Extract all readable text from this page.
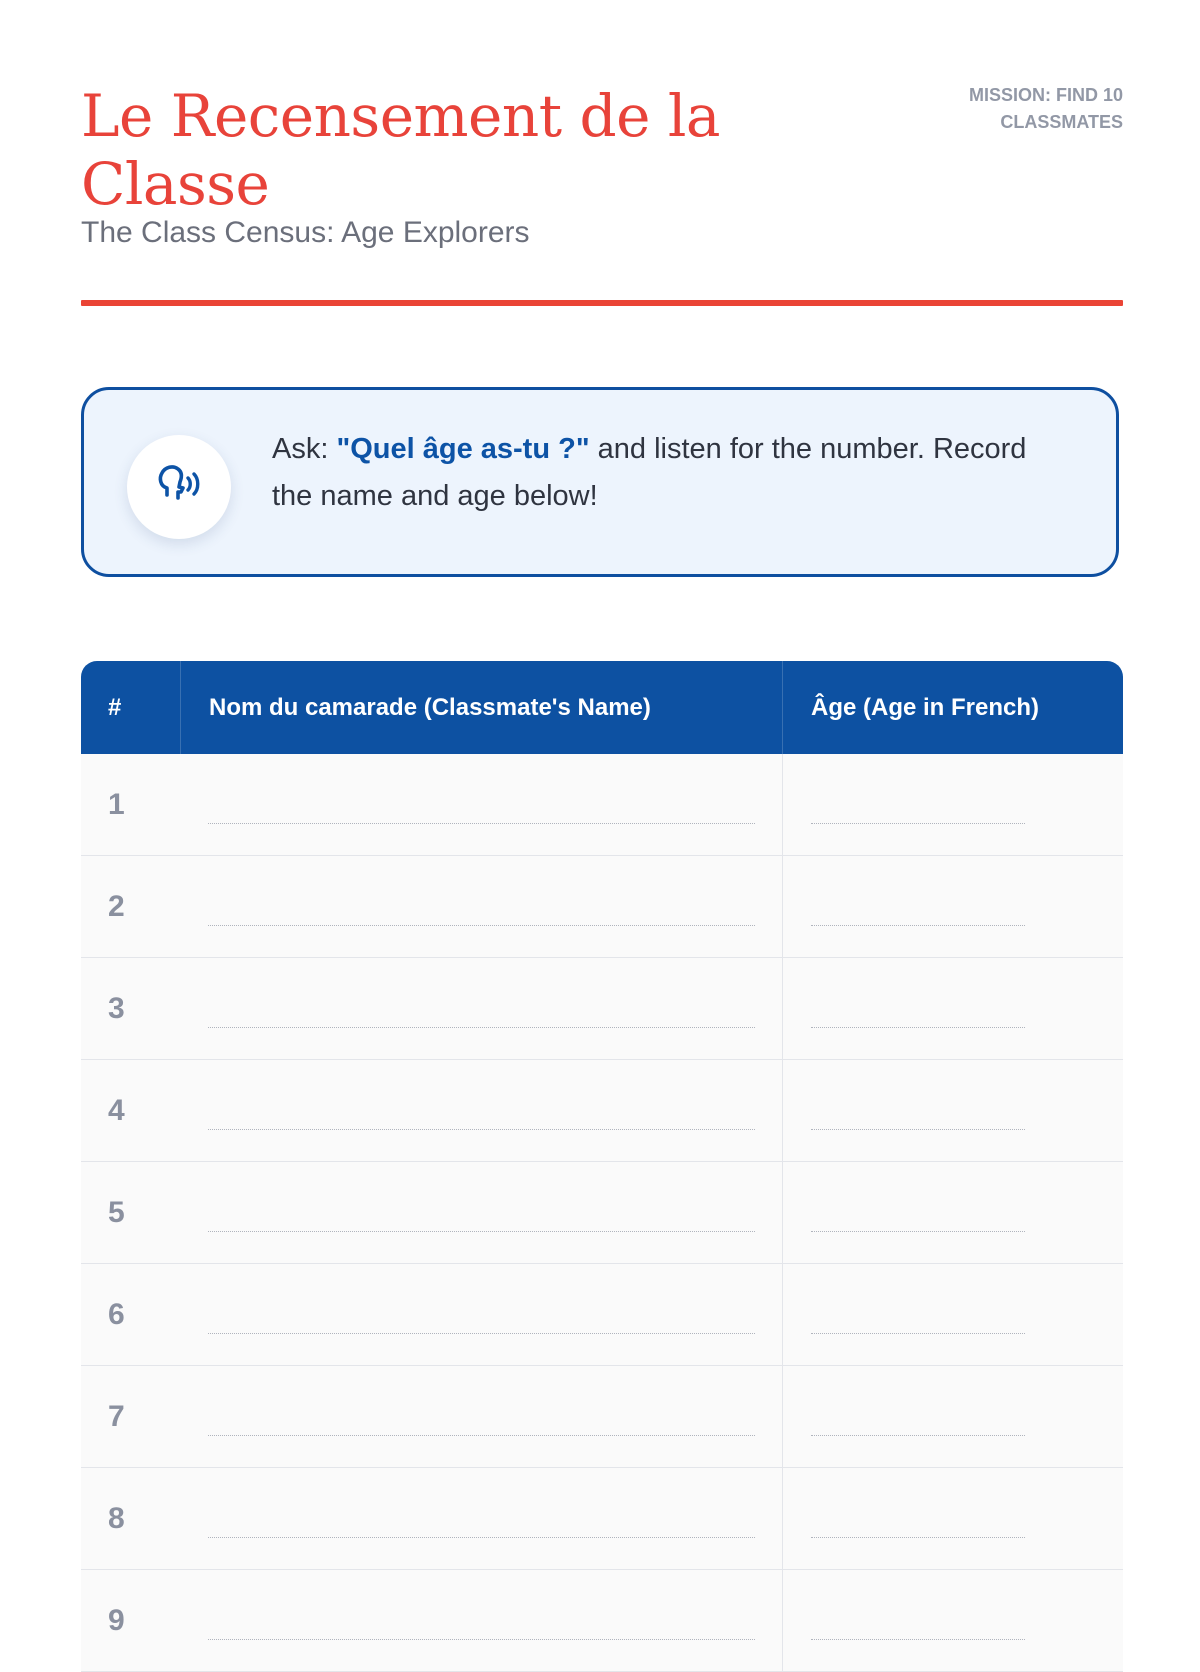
Le Recensement de la Classe
The Class Census: Age Explorers
MISSION: FIND 10 CLASSMATES
Ask: "Quel âge as-tu ?" and listen for the number. Record the name and age below!
#	Nom du camarade (Classmate's Name)	Âge (Age in French)
1
2
3
4
5
6
7
8
9
